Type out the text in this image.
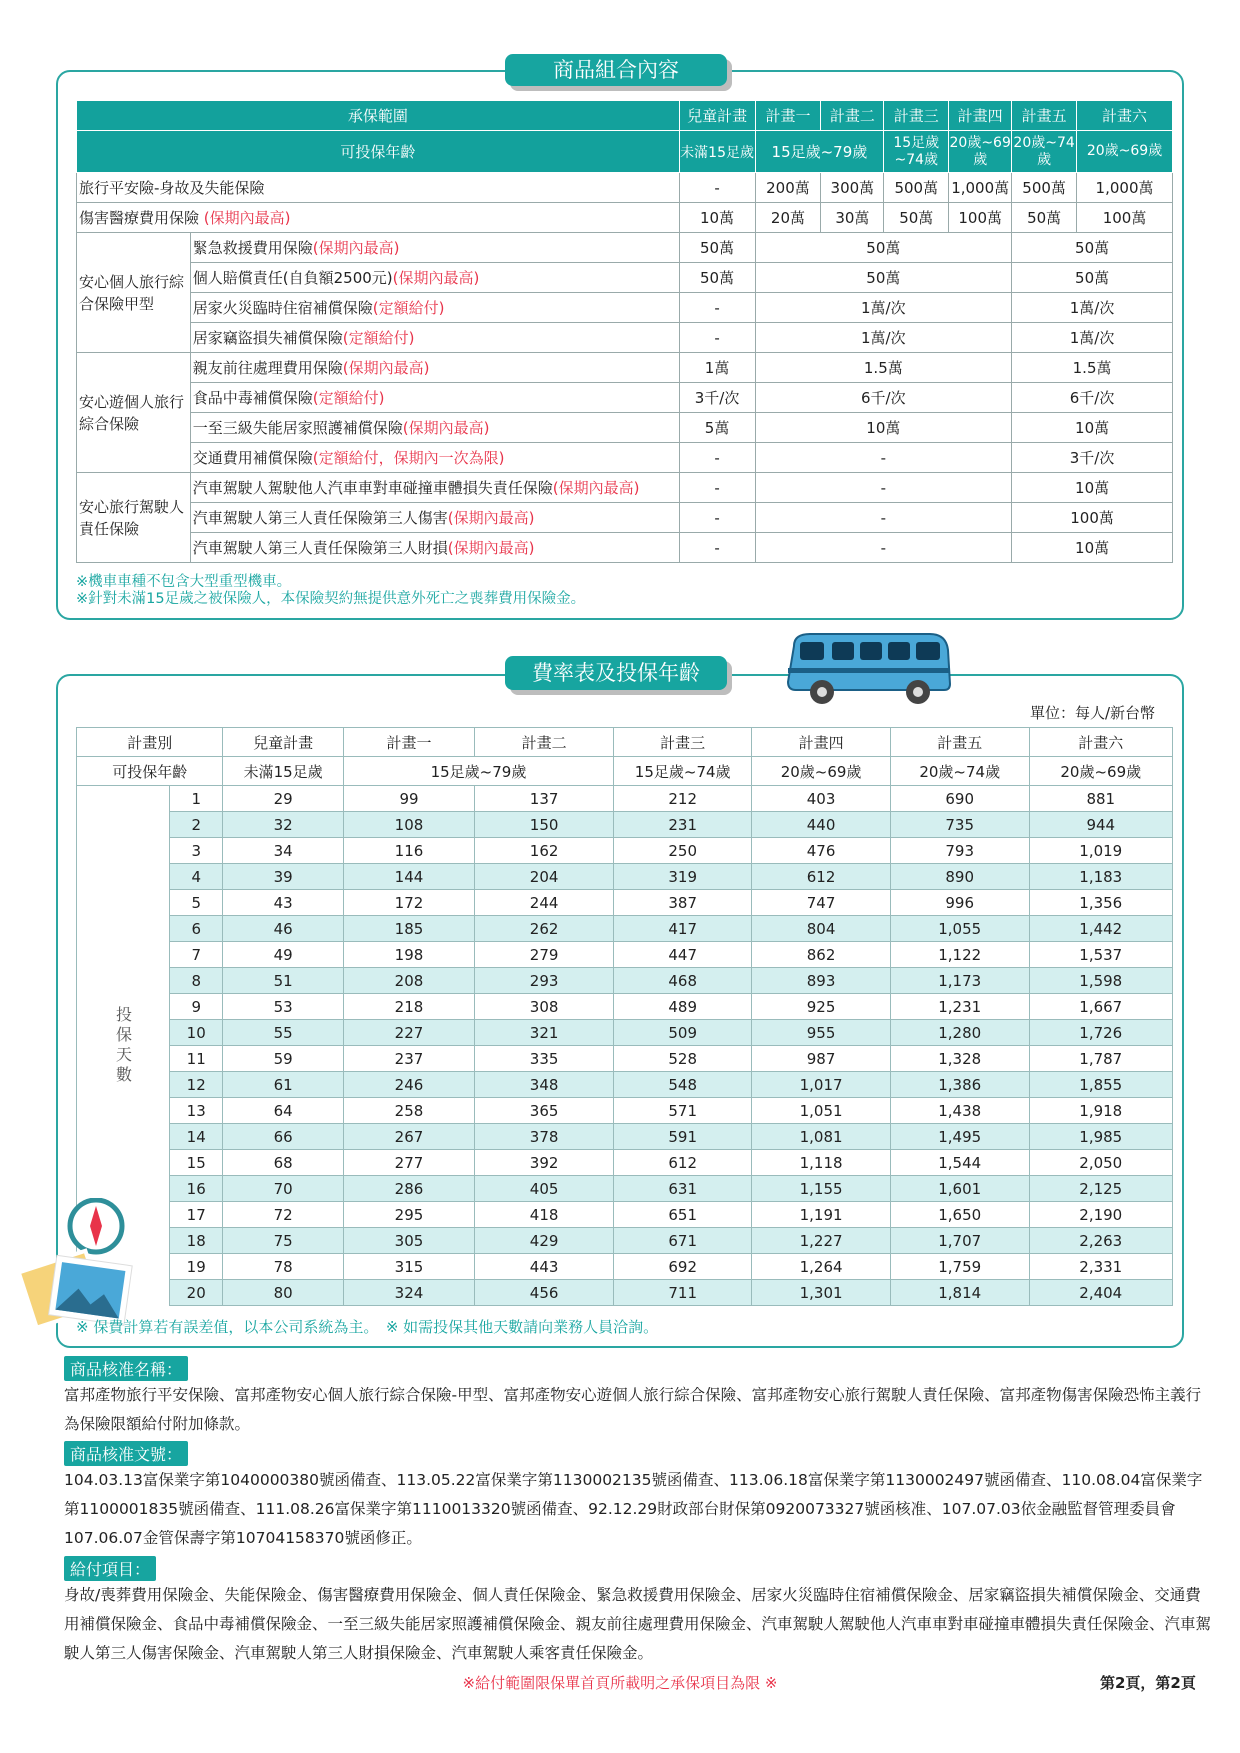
商品組合內容
承保範圍		兒童計畫	計畫一	計畫二	計畫三	計畫四	計畫五	計畫六
可投保年齡		未滿15足歲	15足歲~79歲		15足歲~74歲	20歲~69歲	20歲~74歲	20歲~69歲
旅行平安險-身故及失能保險		-	200萬	300萬	500萬	1,000萬	500萬	1,000萬
傷害醫療費用保險 (保期內最高)		10萬	20萬	30萬	50萬	100萬	50萬	100萬
安心個人旅行綜合保險甲型	緊急救援費用保險(保期內最高)	50萬	50萬				50萬	
	個人賠償責任(自負額2500元)(保期內最高)	50萬	50萬				50萬	
	居家火災臨時住宿補償保險(定額給付)	-	1萬/次				1萬/次	
	居家竊盜損失補償保險(定額給付)	-	1萬/次				1萬/次	
安心遊個人旅行綜合保險	親友前往處理費用保險(保期內最高)	1萬	1.5萬				1.5萬	
	食品中毒補償保險(定額給付)	3千/次	6千/次				6千/次	
	一至三級失能居家照護補償保險(保期內最高)	5萬	10萬				10萬	
	交通費用補償保險(定額給付，保期內一次為限)	-	-				3千/次	
安心旅行駕駛人責任保險	汽車駕駛人駕駛他人汽車車對車碰撞車體損失責任保險(保期內最高)	-	-				10萬	
	汽車駕駛人第三人責任保險第三人傷害(保期內最高)	-	-				100萬	
	汽車駕駛人第三人責任保險第三人財損(保期內最高)	-	-				10萬	
※機車車種不包含大型重型機車。
※針對未滿15足歲之被保險人，本保險契約無提供意外死亡之喪葬費用保險金。
費率表及投保年齡
單位：每人/新台幣
計畫別		兒童計畫	計畫一	計畫二	計畫三	計畫四	計畫五	計畫六
可投保年齡		未滿15足歲	15足歲~79歲		15足歲~74歲	20歲~69歲	20歲~74歲	20歲~69歲
投保天數	1	29	99	137	212	403	690	881
	2	32	108	150	231	440	735	944
	3	34	116	162	250	476	793	1,019
	4	39	144	204	319	612	890	1,183
	5	43	172	244	387	747	996	1,356
	6	46	185	262	417	804	1,055	1,442
	7	49	198	279	447	862	1,122	1,537
	8	51	208	293	468	893	1,173	1,598
	9	53	218	308	489	925	1,231	1,667
	10	55	227	321	509	955	1,280	1,726
	11	59	237	335	528	987	1,328	1,787
	12	61	246	348	548	1,017	1,386	1,855
	13	64	258	365	571	1,051	1,438	1,918
	14	66	267	378	591	1,081	1,495	1,985
	15	68	277	392	612	1,118	1,544	2,050
	16	70	286	405	631	1,155	1,601	2,125
	17	72	295	418	651	1,191	1,650	2,190
	18	75	305	429	671	1,227	1,707	2,263
	19	78	315	443	692	1,264	1,759	2,331
	20	80	324	456	711	1,301	1,814	2,404
※ 保費計算若有誤差值，以本公司系統為主。　※ 如需投保其他天數請向業務人員洽詢。
商品核准名稱：
富邦產物旅行平安保險、富邦產物安心個人旅行綜合保險-甲型、富邦產物安心遊個人旅行綜合保險、富邦產物安心旅行駕駛人責任保險、富邦產物傷害保險恐怖主義行為保險限額給付附加條款。
商品核准文號：
104.03.13富保業字第1040000380號函備查、113.05.22富保業字第1130002135號函備查、113.06.18富保業字第1130002497號函備查、110.08.04富保業字第1100001835號函備查、111.08.26富保業字第1110013320號函備查、92.12.29財政部台財保第0920073327號函核准、107.07.03依金融監督管理委員會107.06.07金管保壽字第10704158370號函修正。
給付項目：
身故/喪葬費用保險金、失能保險金、傷害醫療費用保險金、個人責任保險金、緊急救援費用保險金、居家火災臨時住宿補償保險金、居家竊盜損失補償保險金、交通費用補償保險金、食品中毒補償保險金、一至三級失能居家照護補償保險金、親友前往處理費用保險金、汽車駕駛人駕駛他人汽車車對車碰撞車體損失責任保險金、汽車駕駛人第三人傷害保險金、汽車駕駛人第三人財損保險金、汽車駕駛人乘客責任保險金。
※給付範圍限保單首頁所載明之承保項目為限 ※	第2頁，第2頁
